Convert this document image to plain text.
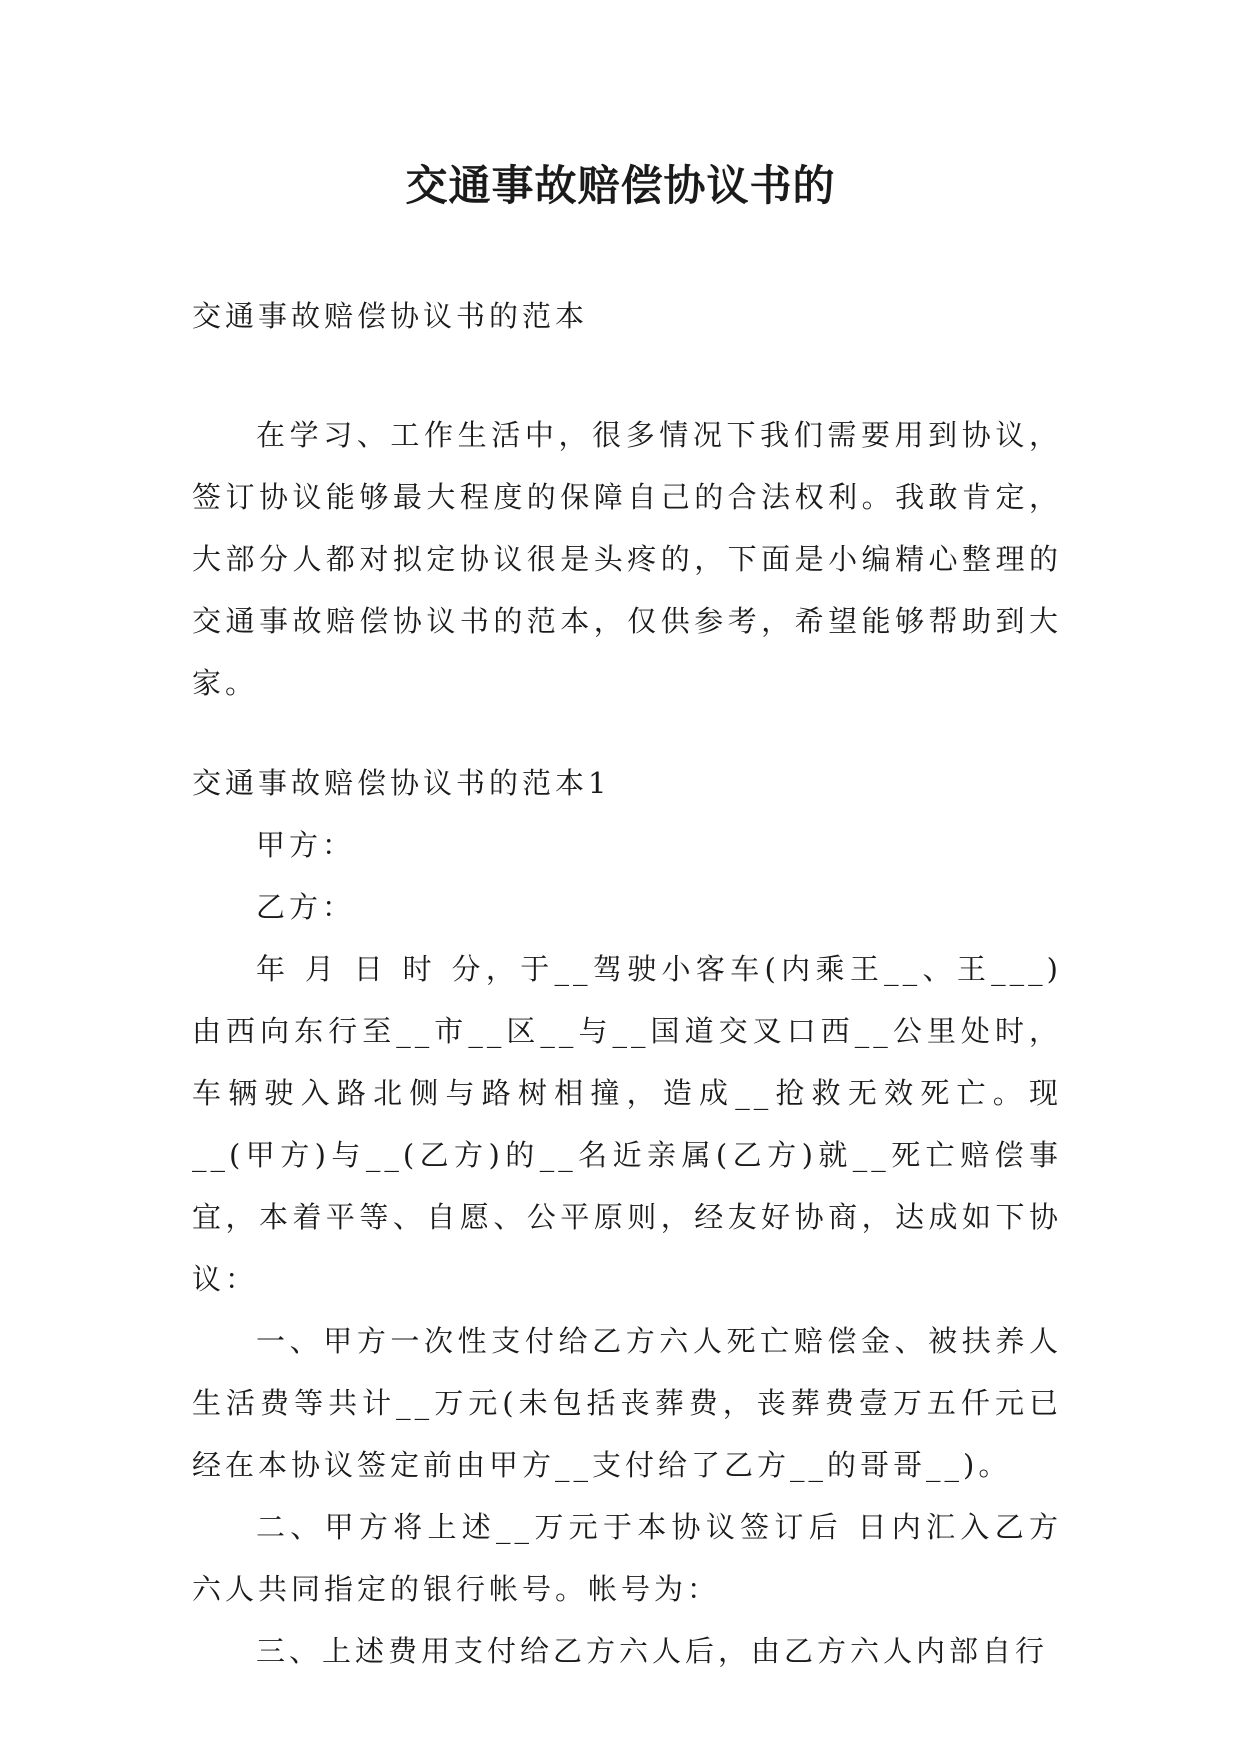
交通事故赔偿协议书的

交通事故赔偿协议书的范本

在学习、工作生活中，很多情况下我们需要用到协议，签订协议能够最大程度的保障自己的合法权利。我敢肯定，大部分人都对拟定协议很是头疼的，下面是小编精心整理的交通事故赔偿协议书的范本，仅供参考，希望能够帮助到大家。

交通事故赔偿协议书的范本1

甲方：

乙方：

年 月 日 时 分，于__驾驶小客车(内乘王__、王___)由西向东行至__市__区__与__国道交叉口西__公里处时，车辆驶入路北侧与路树相撞，造成__抢救无效死亡。现__(甲方)与__(乙方)的__名近亲属(乙方)就__死亡赔偿事宜，本着平等、自愿、公平原则，经友好协商，达成如下协议：

一、甲方一次性支付给乙方六人死亡赔偿金、被扶养人生活费等共计__万元(未包括丧葬费，丧葬费壹万五仟元已经在本协议签定前由甲方__支付给了乙方__的哥哥__)。

二、甲方将上述__万元于本协议签订后 日内汇入乙方六人共同指定的银行帐号。帐号为：

三、上述费用支付给乙方六人后，由乙方六人内部自行
